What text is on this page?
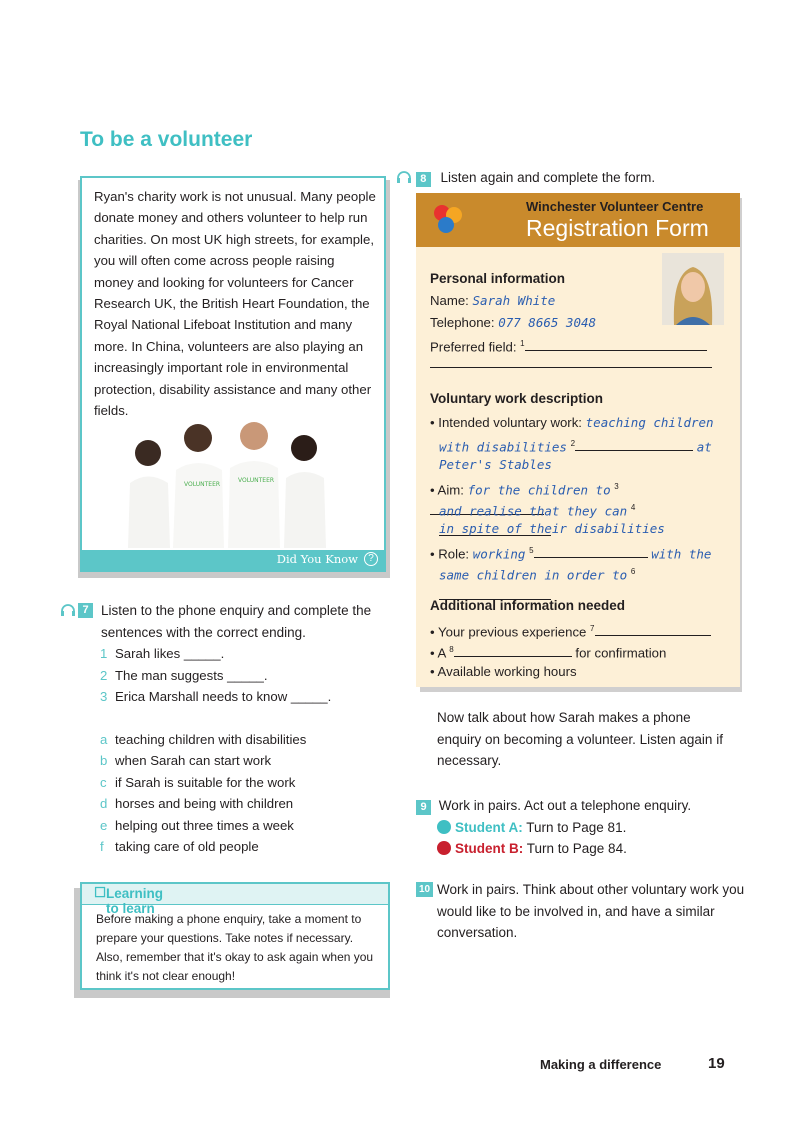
To be a volunteer
Ryan's charity work is not unusual. Many people donate money and others volunteer to help run charities. On most UK high streets, for example, you will often come across people raising money and looking for volunteers for Cancer Research UK, the British Heart Foundation, the Royal National Lifeboat Institution and many more. In China, volunteers are also playing an increasingly important role in environmental protection, disability assistance and many other fields.
VOLUNTEER
VOLUNTEER
Did You Know	?
7 Listen to the phone enquiry and complete the sentences with the correct ending.
1 Sarah likes _____.
2 The man suggests _____.
3 Erica Marshall needs to know _____.
a teaching children with disabilities
b when Sarah can start work
c if Sarah is suitable for the work
d horses and being with children
e helping out three times a week
f taking care of old people
☐ Learning to learn
Before making a phone enquiry, take a moment to prepare your questions. Take notes if necessary. Also, remember that it's okay to ask again when you think it's not clear enough!
8 Listen again and complete the form.
Winchester Volunteer Centre
Registration Form
Personal information
Name: Sarah White
Telephone: 077 8665 3048
Preferred field: $^1$
Voluntary work description
• Intended voluntary work: teaching children
with disabilities $^2$	at
Peter's Stables
• Aim: for the children to $^3$
and realise that they can $^4$
in spite of their disabilities
• Role: working $^5$	with the
same children in order to $^6$
Additional information needed
• Your previous experience $^7$
• A $^8$	for confirmation
• Available working hours
Now talk about how Sarah makes a phone enquiry on becoming a volunteer. Listen again if necessary.
9 Work in pairs. Act out a telephone enquiry.
Student A: Turn to Page 81.
Student B: Turn to Page 84.
10 Work in pairs. Think about other voluntary work you would like to be involved in, and have a similar conversation.
Making a difference	19
